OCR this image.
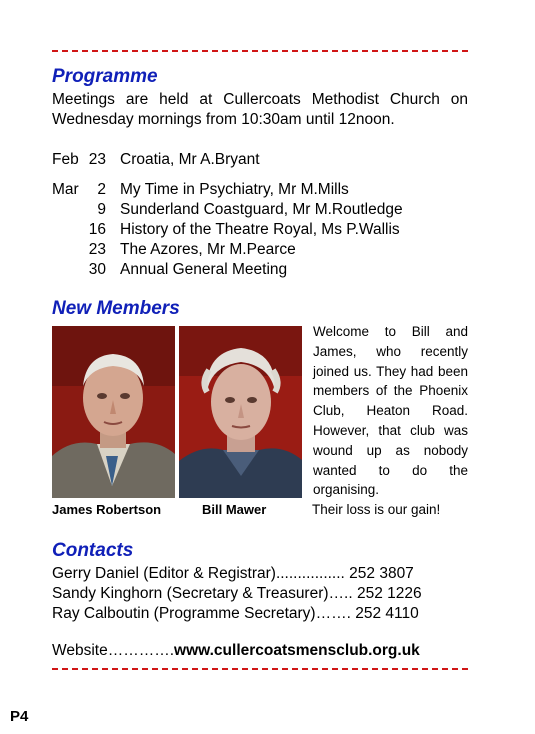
Programme
Meetings are held at Cullercoats Methodist Church on Wednesday mornings from 10:30am until 12noon.
Feb 23 Croatia, Mr A.Bryant
Mar 2 My Time in Psychiatry, Mr M.Mills
9 Sunderland Coastguard, Mr M.Routledge
16 History of the Theatre Royal, Ms P.Wallis
23 The Azores, Mr M.Pearce
30 Annual General Meeting
New Members
James Robertson	Bill Mawer
Welcome to Bill and James, who recently joined us. They had been members of the Phoenix Club, Heaton Road. However, that club was wound up as nobody wanted to do the organising.
Their loss is our gain!
Contacts
Gerry Daniel (Editor & Registrar)................ 252 3807
Sandy Kinghorn (Secretary & Treasurer)….. 252 1226
Ray Calboutin (Programme Secretary)……. 252 4110
Website………….www.cullercoatsmensclub.org.uk
P4
